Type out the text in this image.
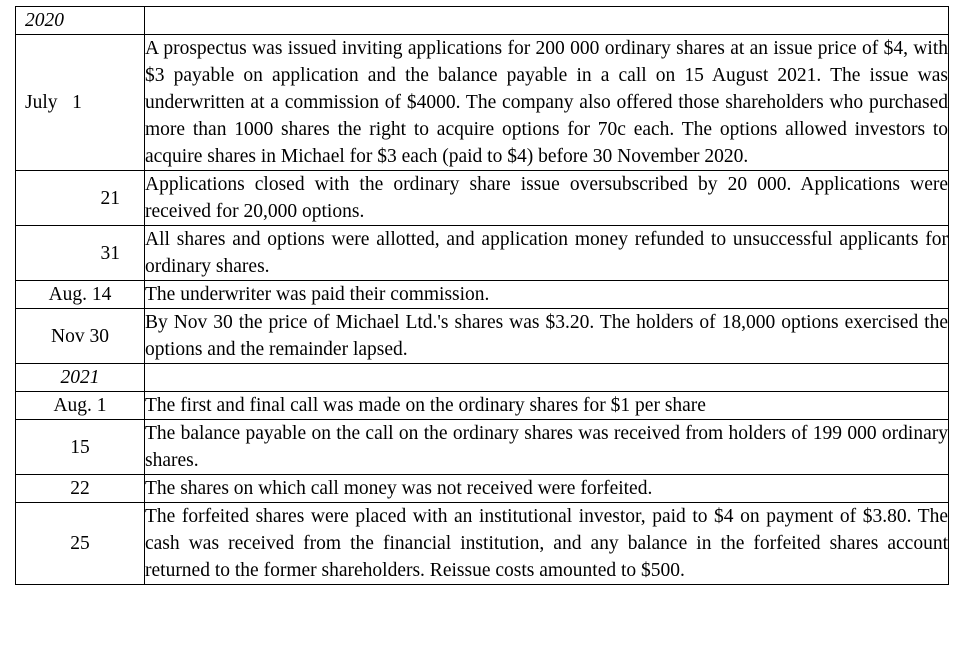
2020	
July   1	A prospectus was issued inviting applications for 200 000 ordinary shares at an issue price of $4, with $3 payable on application and the balance payable in a call on 15 August 2021. The issue was underwritten at a commission of $4000. The company also offered those shareholders who purchased more than 1000 shares the right to acquire options for 70c each. The options allowed investors to acquire shares in Michael for $3 each (paid to $4) before 30 November 2020.
21	Applications closed with the ordinary share issue oversubscribed by 20 000. Applications were received for 20,000 options.
31	All shares and options were allotted, and application money refunded to unsuccessful applicants for ordinary shares.
Aug. 14	The underwriter was paid their commission.
Nov 30	By Nov 30 the price of Michael Ltd.'s shares was $3.20. The holders of 18,000 options exercised the options and the remainder lapsed.
2021	
Aug. 1	The first and final call was made on the ordinary shares for $1 per share
15	The balance payable on the call on the ordinary shares was received from holders of 199 000 ordinary shares.
22	The shares on which call money was not received were forfeited.
25	The forfeited shares were placed with an institutional investor, paid to $4 on payment of $3.80. The cash was received from the financial institution, and any balance in the forfeited shares account returned to the former shareholders. Reissue costs amounted to $500.
